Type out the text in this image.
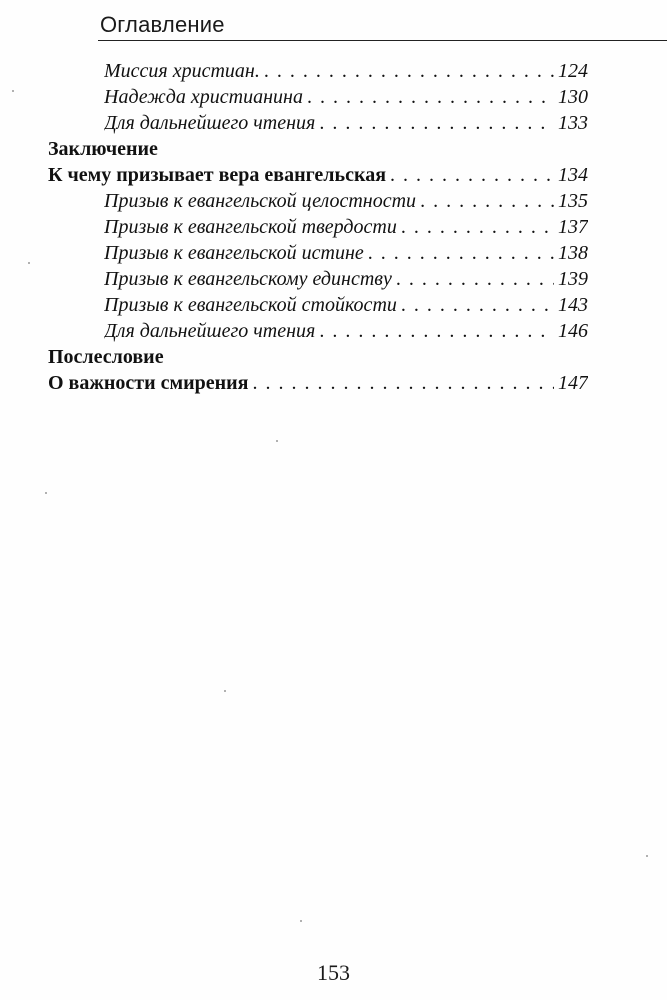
Оглавление
Миссия христиан. . . .	124
Надежда христианина . . .	130
Для дальнейшего чтения . . .	133
Заключение
К чему призывает вера евангельская . . .	134
Призыв к евангельской целостности . . .	135
Призыв к евангельской твердости . . .	137
Призыв к евангельской истине . . .	138
Призыв к евангельскому единству . . .	139
Призыв к евангельской стойкости . . .	143
Для дальнейшего чтения . . .	146
Послесловие
О важности смирения . . .	147
153
